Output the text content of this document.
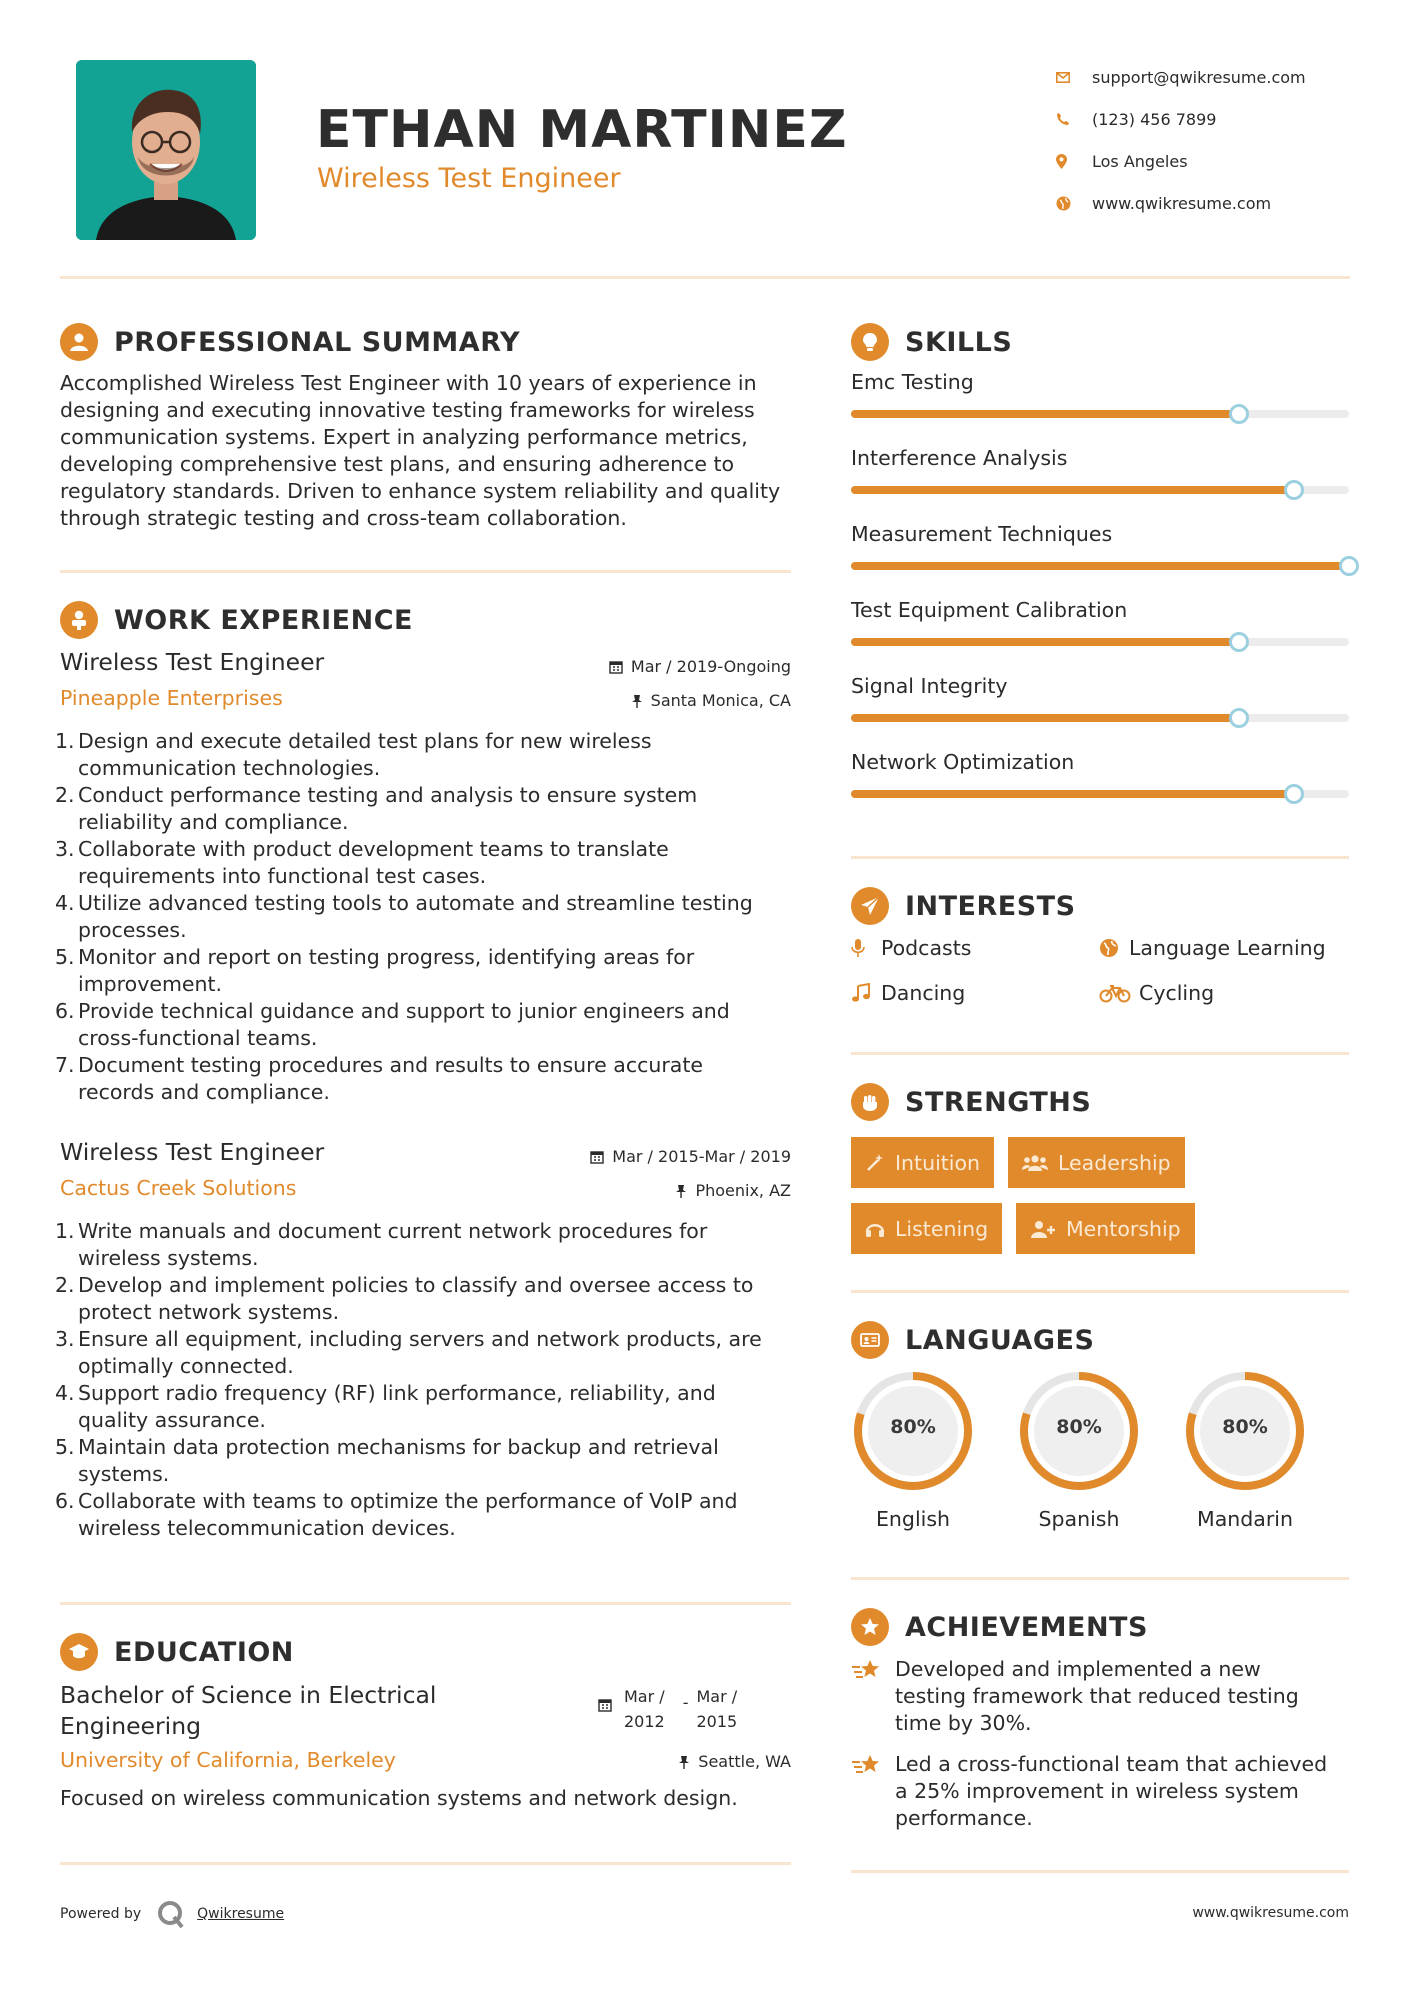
ETHAN MARTINEZ
Wireless Test Engineer
support@qwikresume.com
(123) 456 7899
Los Angeles
www.qwikresume.com
PROFESSIONAL SUMMARY
Accomplished Wireless Test Engineer with 10 years of experience in
designing and executing innovative testing frameworks for wireless
communication systems. Expert in analyzing performance metrics,
developing comprehensive test plans, and ensuring adherence to
regulatory standards. Driven to enhance system reliability and quality
through strategic testing and cross-team collaboration.
WORK EXPERIENCE
Wireless Test Engineer	Mar / 2019-Ongoing
Pineapple Enterprises	Santa Monica, CA
1. Design and execute detailed test plans for new wireless
communication technologies.
2. Conduct performance testing and analysis to ensure system
reliability and compliance.
3. Collaborate with product development teams to translate
requirements into functional test cases.
4. Utilize advanced testing tools to automate and streamline testing
processes.
5. Monitor and report on testing progress, identifying areas for
improvement.
6. Provide technical guidance and support to junior engineers and
cross-functional teams.
7. Document testing procedures and results to ensure accurate
records and compliance.
Wireless Test Engineer	Mar / 2015-Mar / 2019
Cactus Creek Solutions	Phoenix, AZ
1. Write manuals and document current network procedures for
wireless systems.
2. Develop and implement policies to classify and oversee access to
protect network systems.
3. Ensure all equipment, including servers and network products, are
optimally connected.
4. Support radio frequency (RF) link performance, reliability, and
quality assurance.
5. Maintain data protection mechanisms for backup and retrieval
systems.
6. Collaborate with teams to optimize the performance of VoIP and
wireless telecommunication devices.
EDUCATION
Bachelor of Science in Electrical
Engineering
Mar /
2012
- Mar /
2015
University of California, Berkeley	Seattle, WA
Focused on wireless communication systems and network design.
SKILLS
Emc Testing
Interference Analysis
Measurement Techniques
Test Equipment Calibration
Signal Integrity
Network Optimization
INTERESTS
Podcasts	Language Learning
Dancing	Cycling
STRENGTHS
Intuition	Leadership
Listening	Mentorship
LANGUAGES
80%
English
80%
Spanish
80%
Mandarin
ACHIEVEMENTS
Developed and implemented a new
testing framework that reduced testing
time by 30%.
Led a cross-functional team that achieved
a 25% improvement in wireless system
performance.
Powered by	Qwikresume	www.qwikresume.com
